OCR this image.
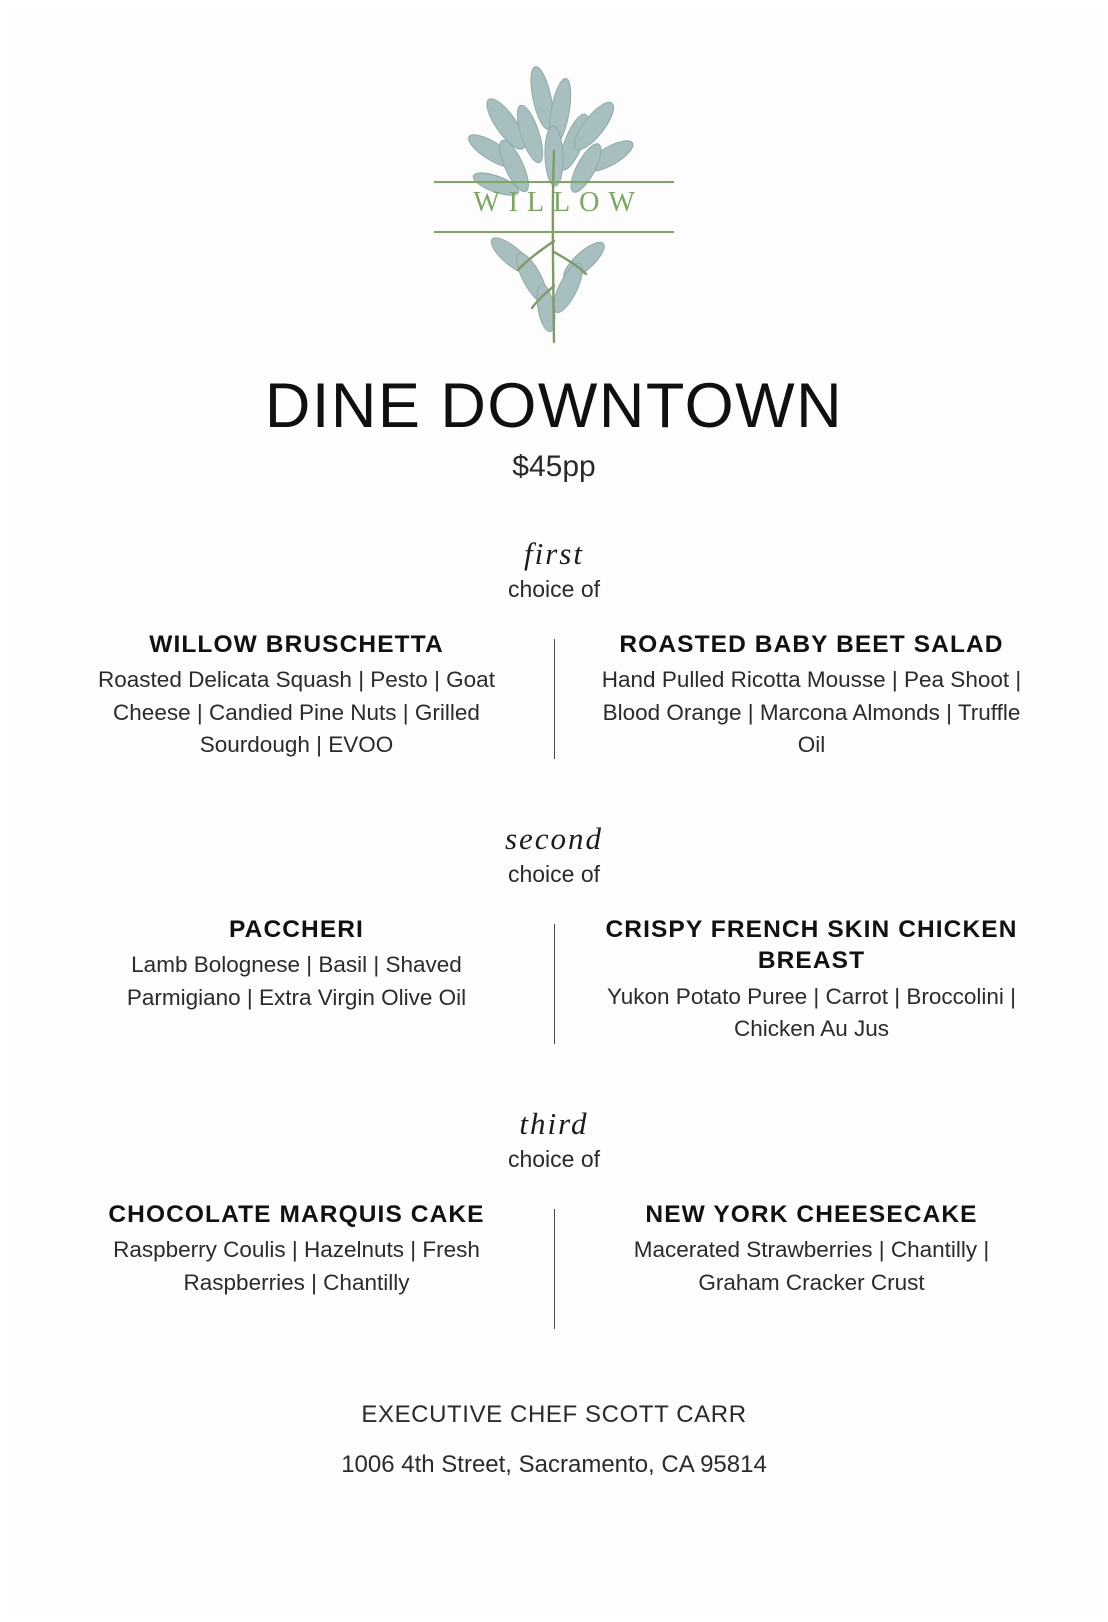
WILLOW
DINE DOWNTOWN
$45pp
first
choice of
WILLOW BRUSCHETTA
Roasted Delicata Squash | Pesto | Goat Cheese | Candied Pine Nuts | Grilled Sourdough | EVOO
ROASTED BABY BEET SALAD
Hand Pulled Ricotta Mousse | Pea Shoot | Blood Orange | Marcona Almonds | Truffle Oil
second
choice of
PACCHERI
Lamb Bolognese | Basil | Shaved Parmigiano | Extra Virgin Olive Oil
CRISPY FRENCH SKIN CHICKEN BREAST
Yukon Potato Puree | Carrot | Broccolini | Chicken Au Jus
third
choice of
CHOCOLATE MARQUIS CAKE
Raspberry Coulis | Hazelnuts | Fresh Raspberries | Chantilly
NEW YORK CHEESECAKE
Macerated Strawberries | Chantilly | Graham Cracker Crust
EXECUTIVE CHEF SCOTT CARR
1006 4th Street, Sacramento, CA 95814
